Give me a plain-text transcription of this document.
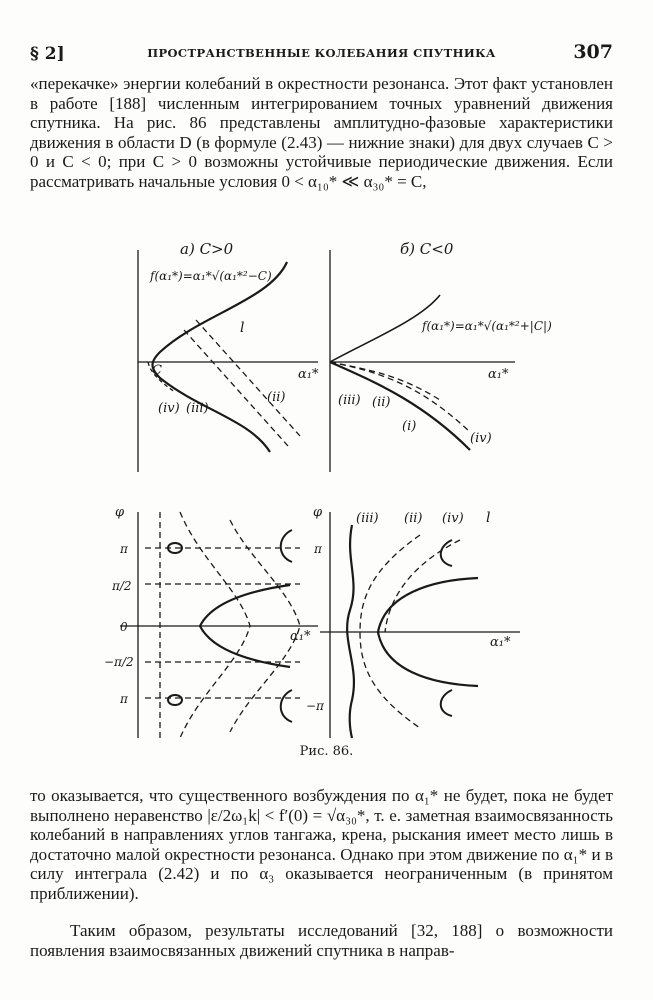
§ 2]	ПРОСТРАНСТВЕННЫЕ КОЛЕБАНИЯ СПУТНИКА	307
«перекачке» энергии колебаний в окрестности резонанса. Этот факт установлен в работе [188] численным интегрированием точных уравнений движения спутника. На рис. 86 представлены амплитудно-фазовые характеристики движения в области D (в формуле (2.43) — нижние знаки) для двух случаев C > 0 и C < 0; при C > 0 возможны устойчивые периодические движения. Если рассматривать начальные условия 0 < α₁₀* ≪ α₃₀* = C,
а) C>0
f(α₁*)=α₁*√(α₁*²−C)
α₁*
C
l
(ii)
(iii)
(iv)
б) C<0
f(α₁*)=α₁*√(α₁*²+|C|)
α₁*
(iii) (ii)
(i)
(iv)
φ
α₁*
π
π/2
0
−π/2
π
φ
α₁*
π
−π
(iii) (ii) (iv) l
Рис. 86.
то оказывается, что существенного возбуждения по α₁* не будет, пока не будет выполнено неравенство |ε/2ω₁k| < f′(0) = √α₃₀*, т. е. заметная взаимосвязанность колебаний в направлениях углов тангажа, крена, рыскания имеет место лишь в достаточно малой окрестности резонанса. Однако при этом движение по α₁* и в силу интеграла (2.42) и по α₃ оказывается неограниченным (в принятом приближении).
Таким образом, результаты исследований [32, 188] о возможности появления взаимосвязанных движений спутника в направ-
